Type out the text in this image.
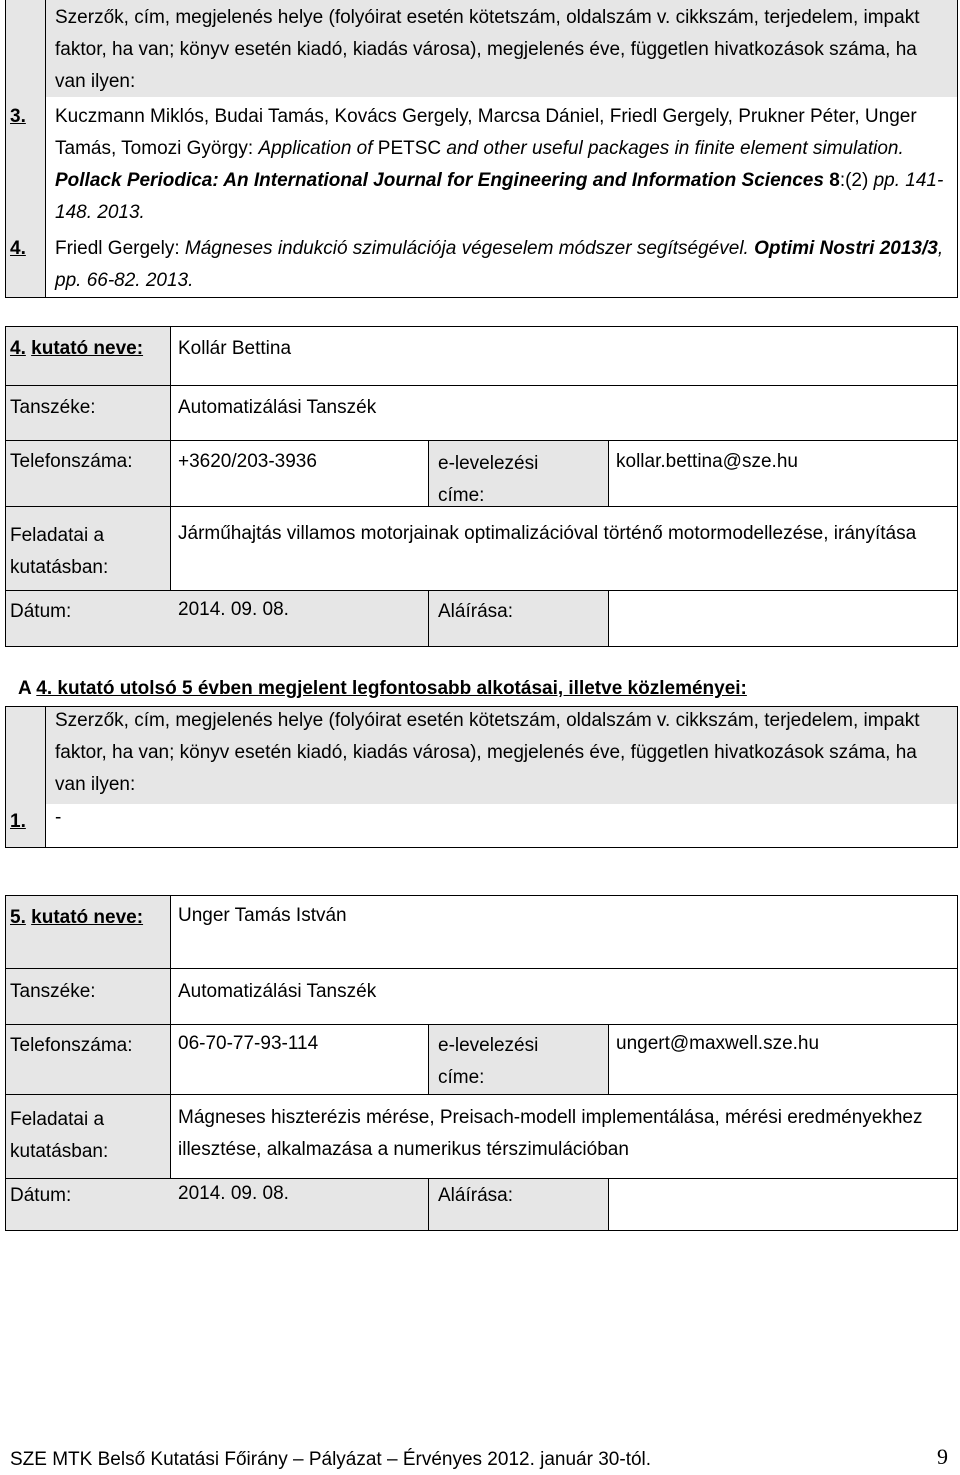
Szerzők, cím, megjelenés helye (folyóirat esetén kötetszám, oldalszám v. cikkszám, terjedelem, impakt faktor, ha van; könyv esetén kiadó, kiadás városa), megjelenés éve, független hivatkozások száma, ha van ilyen:
3. Kuczmann Miklós, Budai Tamás, Kovács Gergely, Marcsa Dániel, Friedl Gergely, Prukner Péter, Unger Tamás, Tomozi György: Application of PETSC and other useful packages in finite element simulation. Pollack Periodica: An International Journal for Engineering and Information Sciences 8:(2) pp. 141-148. 2013.
4. Friedl Gergely: Mágneses indukció szimulációja végeselem módszer segítségével. Optimi Nostri 2013/3, pp. 66-82. 2013.
4. kutató neve: Kollár Bettina
Tanszéke:	Automatizálási Tanszék
Telefonszáma: +3620/203-3936	e-levelezési címe:
kollar.bettina@sze.hu
Feladatai a kutatásban:
Járműhajtás villamos motorjainak optimalizációval történő motormodellezése, irányítása
Dátum:	2014. 09. 08.	Aláírása:
A 4. kutató utolsó 5 évben megjelent legfontosabb alkotásai, illetve közleményei:
Szerzők, cím, megjelenés helye (folyóirat esetén kötetszám, oldalszám v. cikkszám, terjedelem, impakt faktor, ha van; könyv esetén kiadó, kiadás városa), megjelenés éve, független hivatkozások száma, ha van ilyen:
1. -
5. kutató neve: Unger Tamás István
Tanszéke:	Automatizálási Tanszék
Telefonszáma: 06-70-77-93-114	e-levelezési címe:
ungert@maxwell.sze.hu
Feladatai a kutatásban:
Mágneses hiszterézis mérése, Preisach-modell implementálása, mérési eredményekhez illesztése, alkalmazása a numerikus térszimulációban
Dátum:	2014. 09. 08.	Aláírása:
SZE MTK Belső Kutatási Főirány – Pályázat – Érvényes 2012. január 30-tól.	9
